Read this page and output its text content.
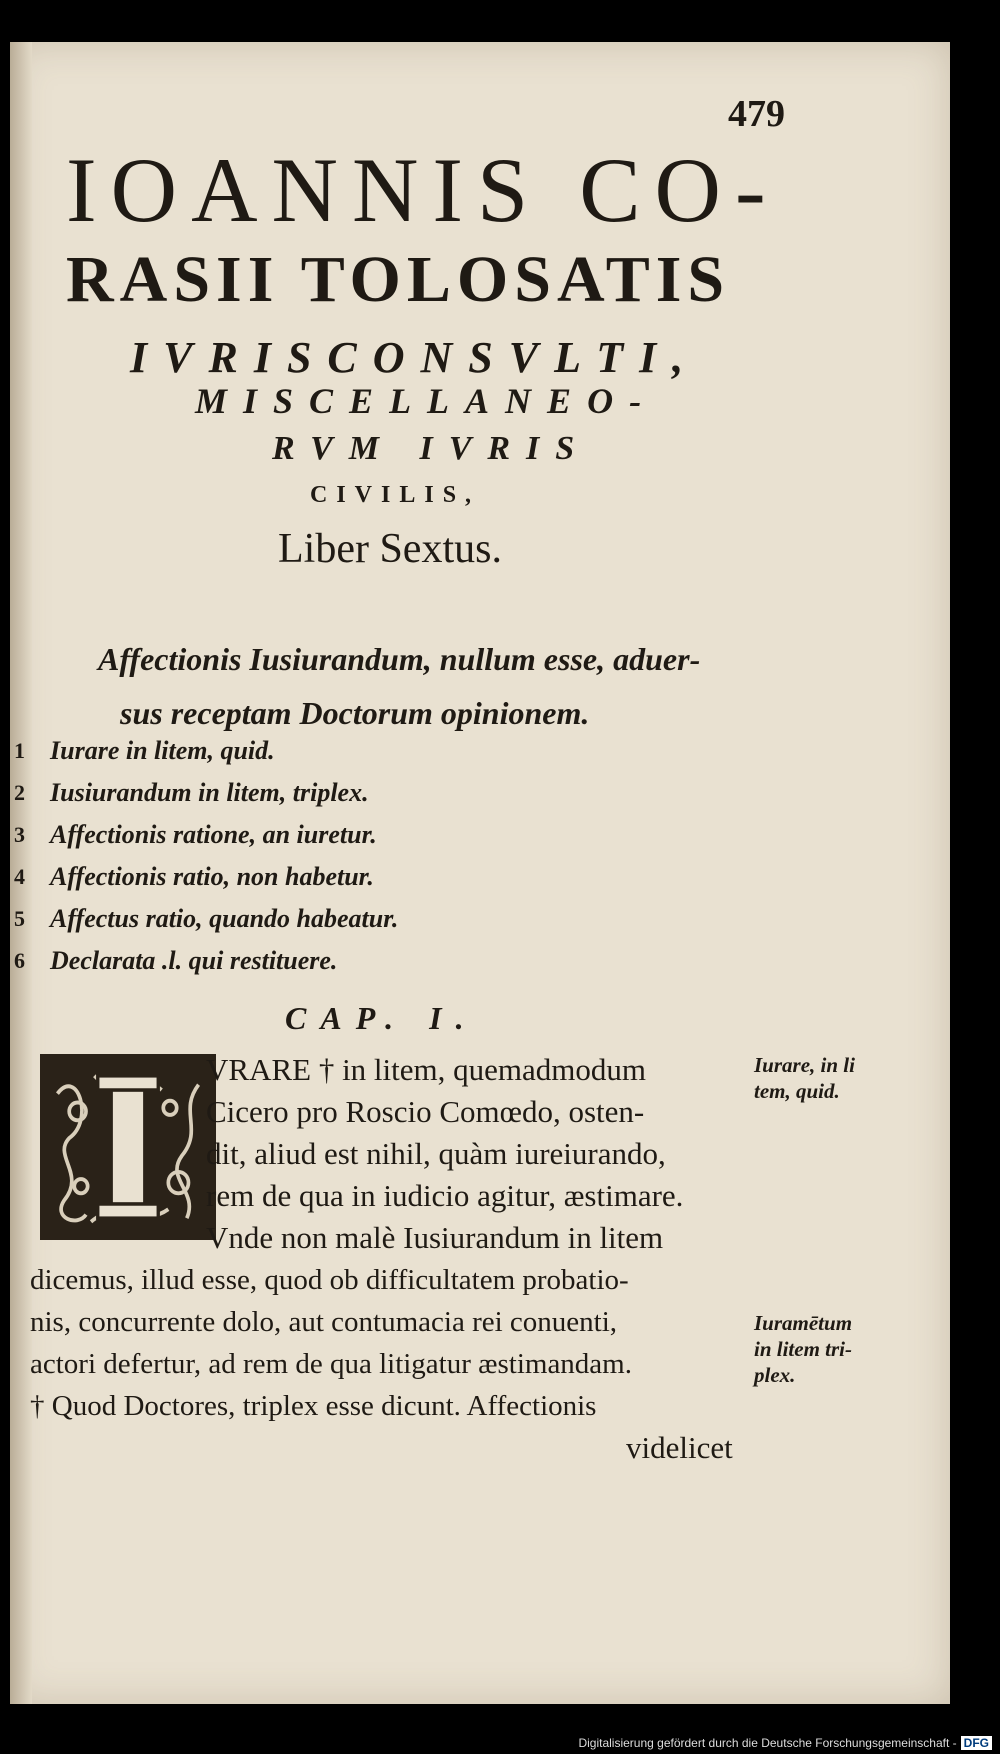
479
IOANNIS CO-
RASII TOLOSATIS
IVRISCONSVLTI,
MISCELLANEO-
RVM IVRIS
CIVILIS,
Liber Sextus.
Affectionis Iusiurandum, nullum esse, aduer-
sus receptam Doctorum opinionem.
1 Iurare in litem, quid.
2 Iusiurandum in litem, triplex.
3 Affectionis ratione, an iuretur.
4 Affectionis ratio, non habetur.
5 Affectus ratio, quando habeatur.
6 Declarata .l. qui restituere.
CAP. I.
VRARE † in litem, quemadmodum
Cicero pro Roscio Comœdo, osten-
dit, aliud est nihil, quàm iureiurando,
rem de qua in iudicio agitur, æstimare.
Vnde non malè Iusiurandum in litem
dicemus, illud esse, quod ob difficultatem probatio-
nis, concurrente dolo, aut contumacia rei conuenti,
actori defertur, ad rem de qua litigatur æstimandam.
† Quod Doctores, triplex esse dicunt. Affectionis
videlicet
Iurare, in li
tem, quid.
Iuramētum
in litem tri-
plex.
Digitalisierung gefördert durch die Deutsche Forschungsgemeinschaft - DFG
